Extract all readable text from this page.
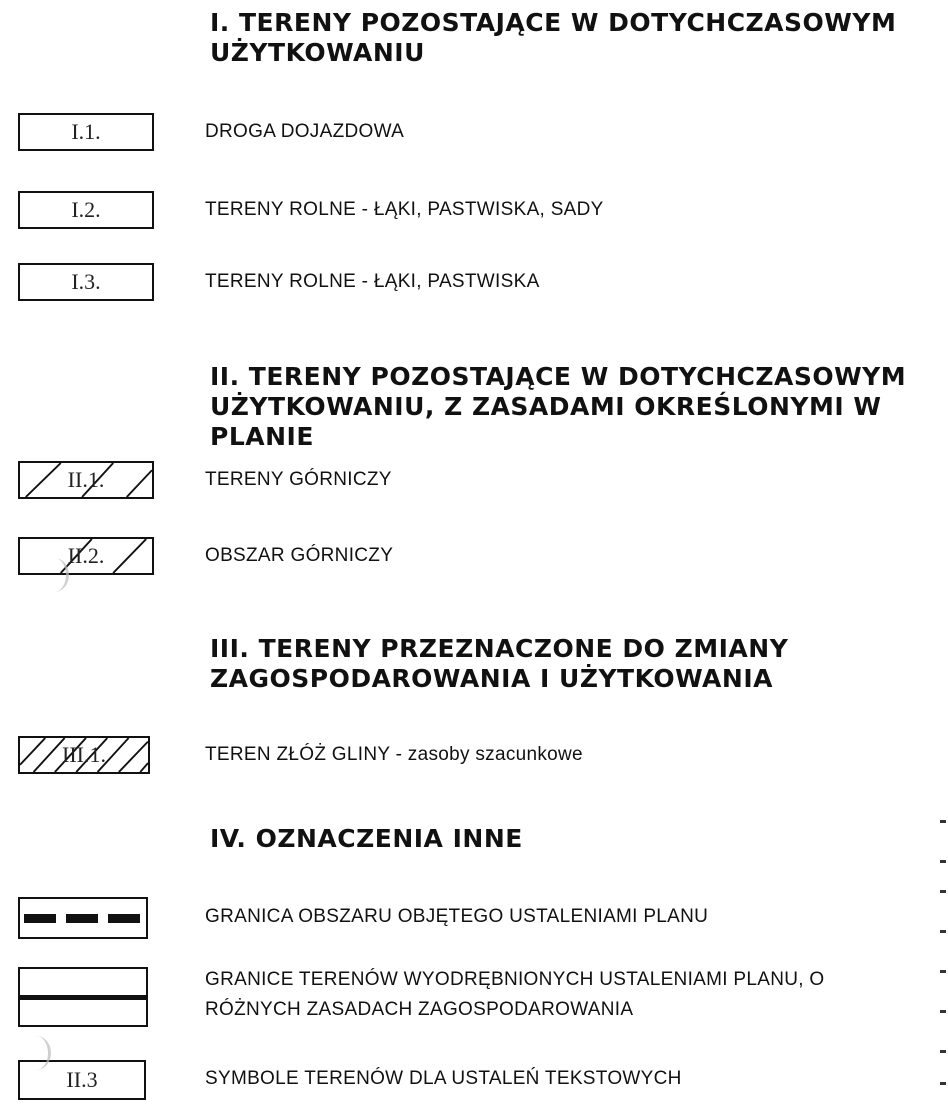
I. TERENY POZOSTAJĄCE W DOTYCHCZASOWYM
UŻYTKOWANIU
I.1.	DROGA DOJAZDOWA
I.2.	TERENY ROLNE - ŁĄKI, PASTWISKA, SADY
I.3.	TERENY ROLNE - ŁĄKI, PASTWISKA
II. TERENY POZOSTAJĄCE W DOTYCHCZASOWYM
UŻYTKOWANIU, Z ZASADAMI OKREŚLONYMI W PLANIE
II.1.	TERENY GÓRNICZY
II.2.	OBSZAR GÓRNICZY
III. TERENY PRZEZNACZONE DO ZMIANY
ZAGOSPODAROWANIA I UŻYTKOWANIA
III.1.	TEREN ZŁÓŻ GLINY - zasoby szacunkowe
IV. OZNACZENIA INNE
GRANICA OBSZARU OBJĘTEGO USTALENIAMI PLANU
GRANICE TERENÓW WYODRĘBNIONYCH USTALENIAMI PLANU, O
RÓŻNYCH ZASADACH ZAGOSPODAROWANIA
II.3	SYMBOLE TERENÓW DLA USTALEŃ TEKSTOWYCH
